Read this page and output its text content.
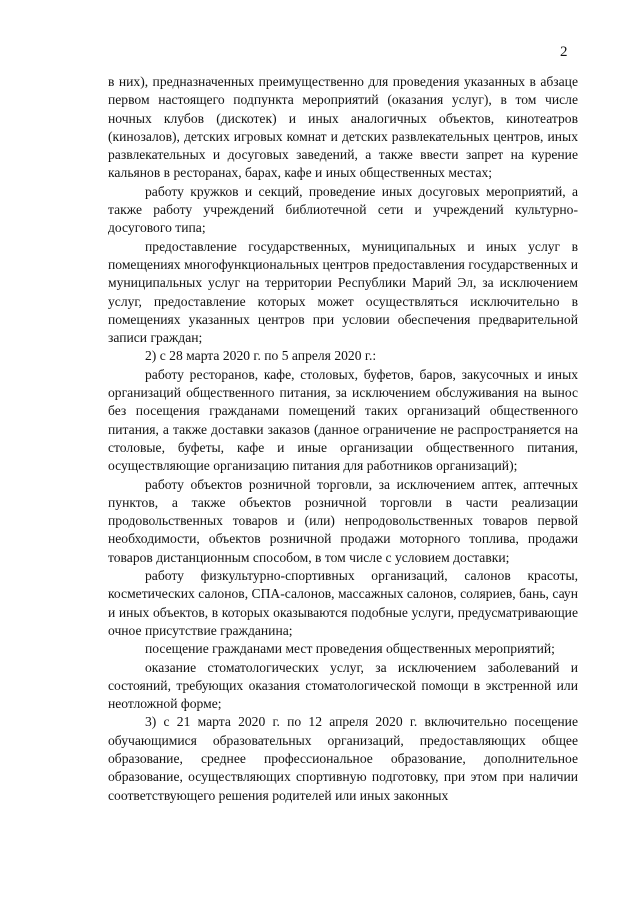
2

в них), предназначенных преимущественно для проведения указанных в абзаце первом настоящего подпункта мероприятий (оказания услуг), в том числе ночных клубов (дискотек) и иных аналогичных объектов, кинотеатров (кинозалов), детских игровых комнат и детских развлекательных центров, иных развлекательных и досуговых заведений, а также ввести запрет на курение кальянов в ресторанах, барах, кафе и иных общественных местах;

работу кружков и секций, проведение иных досуговых мероприятий, а также работу учреждений библиотечной сети и учреждений культурно-досугового типа;

предоставление государственных, муниципальных и иных услуг в помещениях многофункциональных центров предоставления государственных и муниципальных услуг на территории Республики Марий Эл, за исключением услуг, предоставление которых может осуществляться исключительно в помещениях указанных центров при условии обеспечения предварительной записи граждан;

2) с 28 марта 2020 г. по 5 апреля 2020 г.:

работу ресторанов, кафе, столовых, буфетов, баров, закусочных и иных организаций общественного питания, за исключением обслуживания на вынос без посещения гражданами помещений таких организаций общественного питания, а также доставки заказов (данное ограничение не распространяется на столовые, буфеты, кафе и иные организации общественного питания, осуществляющие организацию питания для работников организаций);

работу объектов розничной торговли, за исключением аптек, аптечных пунктов, а также объектов розничной торговли в части реализации продовольственных товаров и (или) непродовольственных товаров первой необходимости, объектов розничной продажи моторного топлива, продажи товаров дистанционным способом, в том числе с условием доставки;

работу физкультурно-спортивных организаций, салонов красоты, косметических салонов, СПА-салонов, массажных салонов, соляриев, бань, саун и иных объектов, в которых оказываются подобные услуги, предусматривающие очное присутствие гражданина;

посещение гражданами мест проведения общественных мероприятий;

оказание стоматологических услуг, за исключением заболеваний и состояний, требующих оказания стоматологической помощи в экстренной или неотложной форме;

3) с 21 марта 2020 г. по 12 апреля 2020 г. включительно посещение обучающимися образовательных организаций, предоставляющих общее образование, среднее профессиональное образование, дополнительное образование, осуществляющих спортивную подготовку, при этом при наличии соответствующего решения родителей или иных законных
